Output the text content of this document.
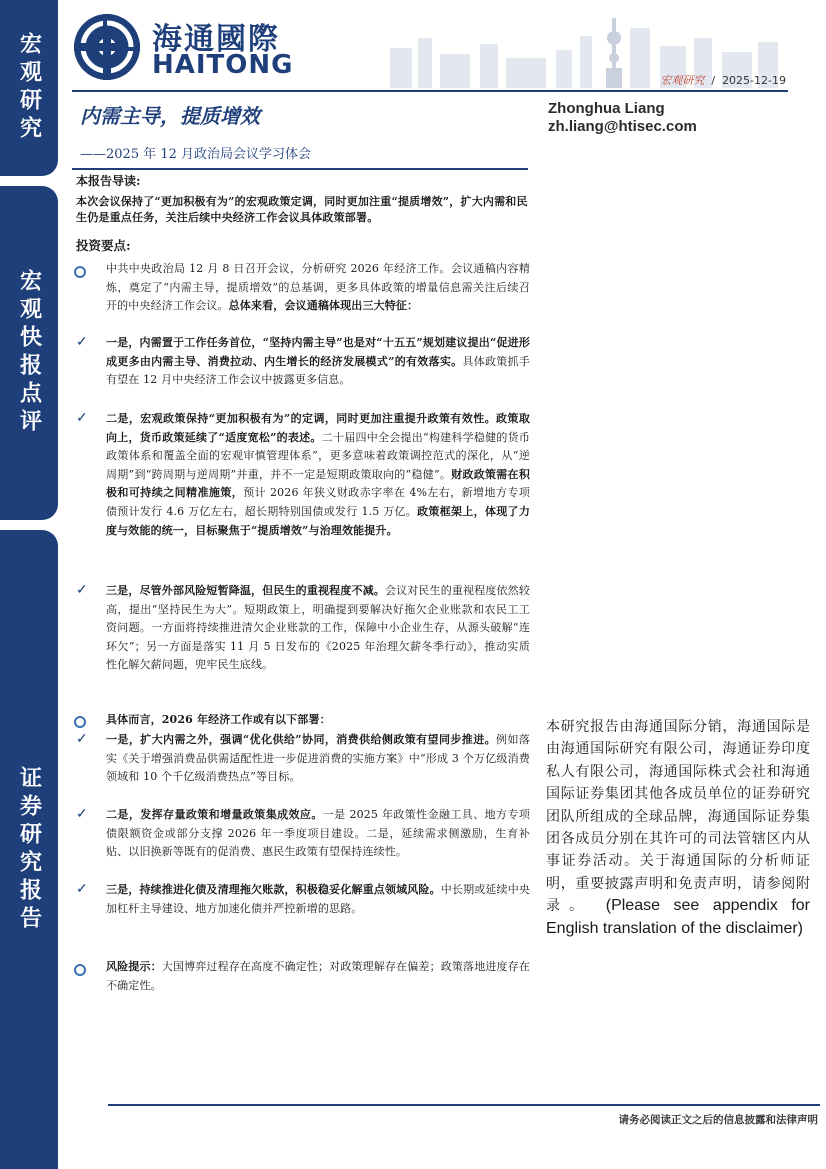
宏观研究
宏观快报点评
证券研究报告
海通國際
HAITONG
宏观研究 / 2025-12-19
内需主导，提质增效
——2025 年 12 月政治局会议学习体会
Zhonghua Liang
zh.liang@htisec.com
本报告导读:
本次会议保持了“更加积极有为”的宏观政策定调，同时更加注重“提质增效”，扩大内需和民生仍是重点任务，关注后续中央经济工作会议具体政策部署。
投资要点:
中共中央政治局 12 月 8 日召开会议，分析研究 2026 年经济工作。会议通稿内容精炼，奠定了“内需主导，提质增效”的总基调，更多具体政策的增量信息需关注后续召开的中央经济工作会议。总体来看，会议通稿体现出三大特征：
✓ 一是，内需置于工作任务首位，“坚持内需主导”也是对“十五五”规划建议提出“促进形成更多由内需主导、消费拉动、内生增长的经济发展模式”的有效落实。具体政策抓手有望在 12 月中央经济工作会议中披露更多信息。
✓ 二是，宏观政策保持“更加积极有为”的定调，同时更加注重提升政策有效性。政策取向上，货币政策延续了“适度宽松”的表述。二十届四中全会提出“构建科学稳健的货币政策体系和覆盖全面的宏观审慎管理体系”，更多意味着政策调控范式的深化，从“逆周期”到“跨周期与逆周期”并重，并不一定是短期政策取向的“稳健”。财政政策需在积极和可持续之间精准施策，预计 2026 年狭义财政赤字率在 4%左右，新增地方专项债预计发行 4.6 万亿左右，超长期特别国债或发行 1.5 万亿。政策框架上，体现了力度与效能的统一，目标聚焦于“提质增效”与治理效能提升。
✓ 三是，尽管外部风险短暂降温，但民生的重视程度不减。会议对民生的重视程度依然较高，提出“坚持民生为大”。短期政策上，明确提到要解决好拖欠企业账款和农民工工资问题。一方面将持续推进清欠企业账款的工作，保障中小企业生存，从源头破解“连环欠”；另一方面是落实 11 月 5 日发布的《2025 年治理欠薪冬季行动》，推动实质性化解欠薪问题，兜牢民生底线。
具体而言，2026 年经济工作或有以下部署：
✓ 一是，扩大内需之外，强调“优化供给”协同，消费供给侧政策有望同步推进。例如落实《关于增强消费品供需适配性进一步促进消费的实施方案》中“形成 3 个万亿级消费领域和 10 个千亿级消费热点”等目标。
✓ 二是，发挥存量政策和增量政策集成效应。一是 2025 年政策性金融工具、地方专项债限额资金或部分支撑 2026 年一季度项目建设。二是，延续需求侧激励，生育补贴、以旧换新等既有的促消费、惠民生政策有望保持连续性。
✓ 三是，持续推进化债及清理拖欠账款，积极稳妥化解重点领域风险。中长期或延续中央加杠杆主导建设、地方加速化债并严控新增的思路。
风险提示：大国博弈过程存在高度不确定性；对政策理解存在偏差；政策落地进度存在不确定性。
本研究报告由海通国际分销，海通国际是由海通国际研究有限公司，海通证券印度私人有限公司，海通国际株式会社和海通国际证券集团其他各成员单位的证券研究团队所组成的全球品牌，海通国际证券集团各成员分别在其许可的司法管辖区内从事证券活动。关于海通国际的分析师证明，重要披露声明和免责声明，请参阅附录。 (Please see appendix for English translation of the disclaimer)
请务必阅读正文之后的信息披露和法律声明
